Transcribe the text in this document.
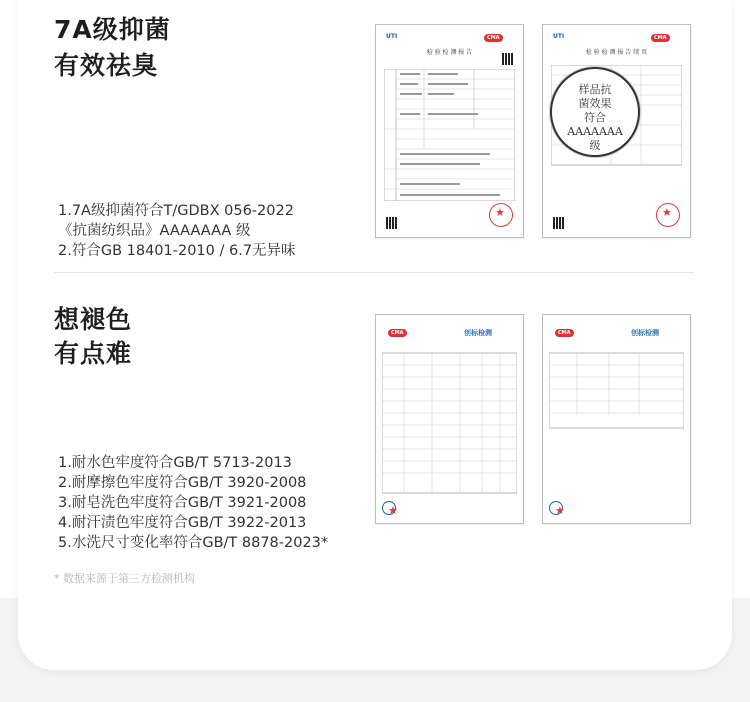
7A级抑菌
有效祛臭
1.7A级抑菌符合T/GDBX 056-2022
《抗菌纺织品》AAAAAAA 级
2.符合GB 18401-2010 / 6.7无异味
UTI	CMA
检 验 检 测 报 告
★
UTI	CMA
检 验 检 测 报 告 续 页
★
样品抗
菌效果
符合
AAAAAAA
级
想褪色
有点难
1.耐水色牢度符合GB/T 5713-2013
2.耐摩擦色牢度符合GB/T 3920-2008
3.耐皂洗色牢度符合GB/T 3921-2008
4.耐汗渍色牢度符合GB/T 3922-2013
5.水洗尺寸变化率符合GB/T 8878-2023*
CMA	创标检测
★	CMA	创标检测
★
* 数据来源于第三方检测机构
